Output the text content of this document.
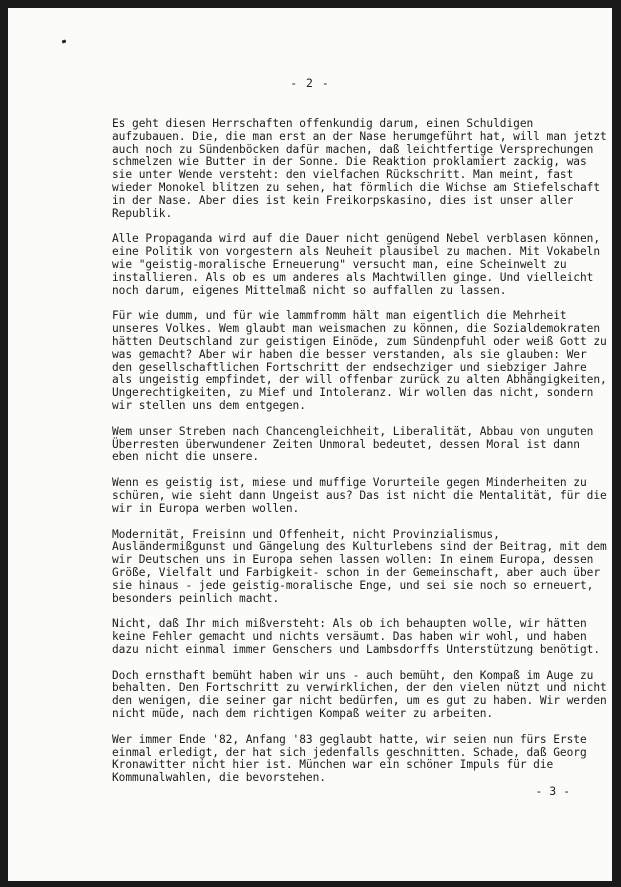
- 2 -

Es geht diesen Herrschaften offenkundig darum, einen Schuldigen aufzubauen. Die, die man erst an der Nase herumgeführt hat, will man jetzt auch noch zu Sündenböcken dafür machen, daß leichtfertige Versprechungen schmelzen wie Butter in der Sonne. Die Reaktion proklamiert zackig, was sie unter Wende versteht: den vielfachen Rückschritt. Man meint, fast wieder Monokel blitzen zu sehen, hat förmlich die Wichse am Stiefelschaft in der Nase. Aber dies ist kein Freikorpskasino, dies ist unser aller Republik.

Alle Propaganda wird auf die Dauer nicht genügend Nebel verblasen können, eine Politik von vorgestern als Neuheit plausibel zu machen. Mit Vokabeln wie "geistig-moralische Erneuerung" versucht man, eine Scheinwelt zu installieren. Als ob es um anderes als Machtwillen ginge. Und vielleicht noch darum, eigenes Mittelmaß nicht so auffallen zu lassen.

Für wie dumm, und für wie lammfromm hält man eigentlich die Mehrheit unseres Volkes. Wem glaubt man weismachen zu können, die Sozialdemokraten hätten Deutschland zur geistigen Einöde, zum Sündenpfuhl oder weiß Gott zu was gemacht? Aber wir haben die besser verstanden, als sie glauben: Wer den gesellschaftlichen Fortschritt der endsechziger und siebziger Jahre als ungeistig empfindet, der will offenbar zurück zu alten Abhängigkeiten, Ungerechtigkeiten, zu Mief und Intoleranz. Wir wollen das nicht, sondern wir stellen uns dem entgegen.

Wem unser Streben nach Chancengleichheit, Liberalität, Abbau von unguten Überresten überwundener Zeiten Unmoral bedeutet, dessen Moral ist dann eben nicht die unsere.

Wenn es geistig ist, miese und muffige Vorurteile gegen Minderheiten zu schüren, wie sieht dann Ungeist aus? Das ist nicht die Mentalität, für die wir in Europa werben wollen.

Modernität, Freisinn und Offenheit, nicht Provinzialismus, Ausländermißgunst und Gängelung des Kulturlebens sind der Beitrag, mit dem wir Deutschen uns in Europa sehen lassen wollen: In einem Europa, dessen Größe, Vielfalt und Farbigkeit- schon in der Gemeinschaft, aber auch über sie hinaus - jede geistig-moralische Enge, und sei sie noch so erneuert, besonders peinlich macht.

Nicht, daß Ihr mich mißversteht: Als ob ich behaupten wolle, wir hätten keine Fehler gemacht und nichts versäumt. Das haben wir wohl, und haben dazu nicht einmal immer Genschers und Lambsdorffs Unterstützung benötigt.

Doch ernsthaft bemüht haben wir uns - auch bemüht, den Kompaß im Auge zu behalten. Den Fortschritt zu verwirklichen, der den vielen nützt und nicht den wenigen, die seiner gar nicht bedürfen, um es gut zu haben. Wir werden nicht müde, nach dem richtigen Kompaß weiter zu arbeiten.

Wer immer Ende '82, Anfang '83 geglaubt hatte, wir seien nun fürs Erste einmal erledigt, der hat sich jedenfalls geschnitten. Schade, daß Georg Kronawitter nicht hier ist. München war ein schöner Impuls für die Kommunalwahlen, die bevorstehen.

- 3 -
